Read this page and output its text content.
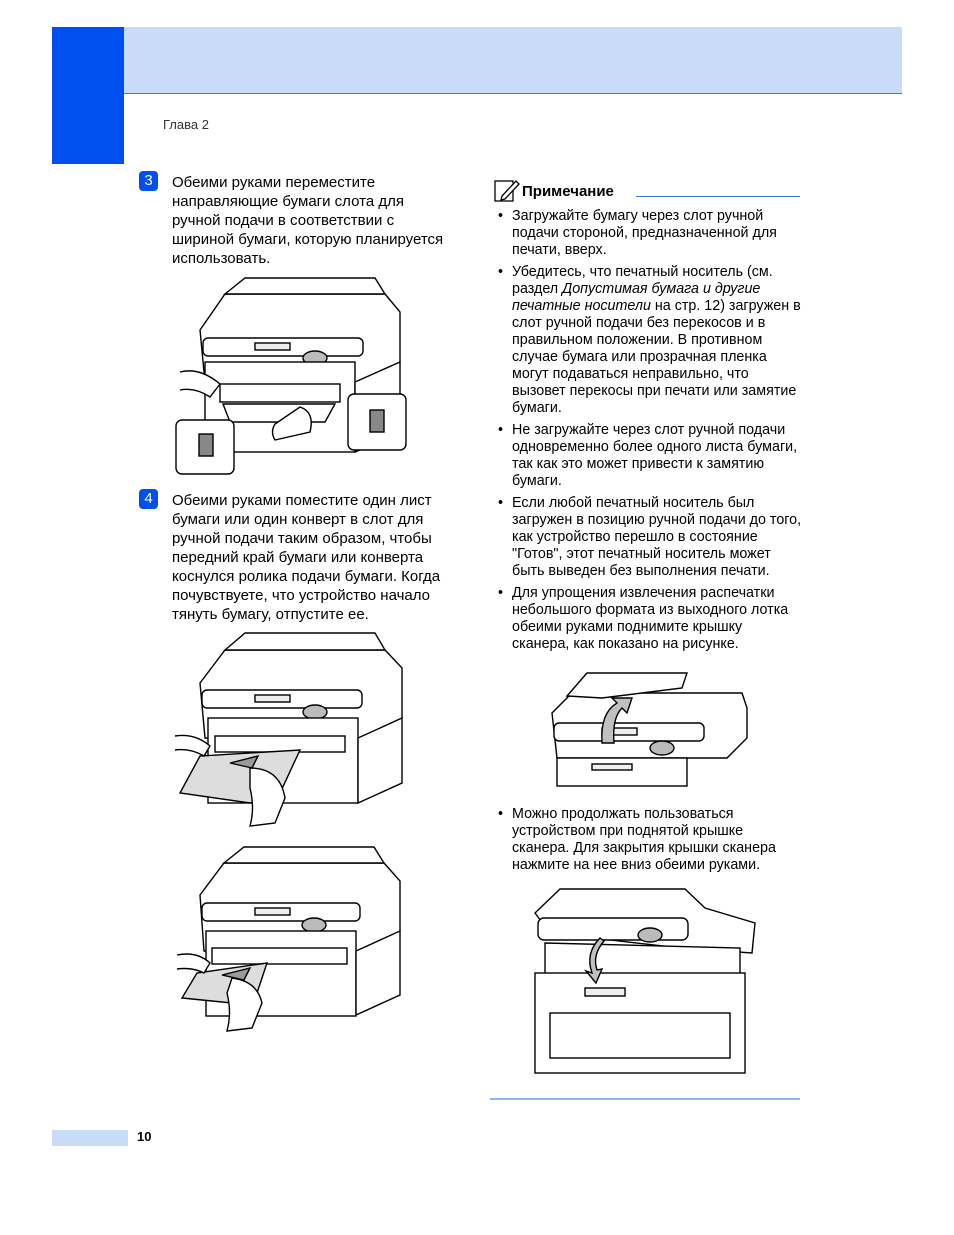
Глава 2
3	Обеими руками переместите направляющие бумаги слота для ручной подачи в соответствии с шириной бумаги, которую планируется использовать.
4	Обеими руками поместите один лист бумаги или один конверт в слот для ручной подачи таким образом, чтобы передний край бумаги или конверта коснулся ролика подачи бумаги. Когда почувствуете, что устройство начало тянуть бумагу, отпустите ее.
Примечание
• Загружайте бумагу через слот ручной подачи стороной, предназначенной для печати, вверх.
• Убедитесь, что печатный носитель (см. раздел Допустимая бумага и другие печатные носители на стр. 12) загружен в слот ручной подачи без перекосов и в правильном положении. В противном случае бумага или прозрачная пленка могут подаваться неправильно, что вызовет перекосы при печати или замятие бумаги.
• Не загружайте через слот ручной подачи одновременно более одного листа бумаги, так как это может привести к замятию бумаги.
• Если любой печатный носитель был загружен в позицию ручной подачи до того, как устройство перешло в состояние "Готов", этот печатный носитель может быть выведен без выполнения печати.
• Для упрощения извлечения распечатки небольшого формата из выходного лотка обеими руками поднимите крышку сканера, как показано на рисунке.
• Можно продолжать пользоваться устройством при поднятой крышке сканера. Для закрытия крышки сканера нажмите на нее вниз обеими руками.
10
